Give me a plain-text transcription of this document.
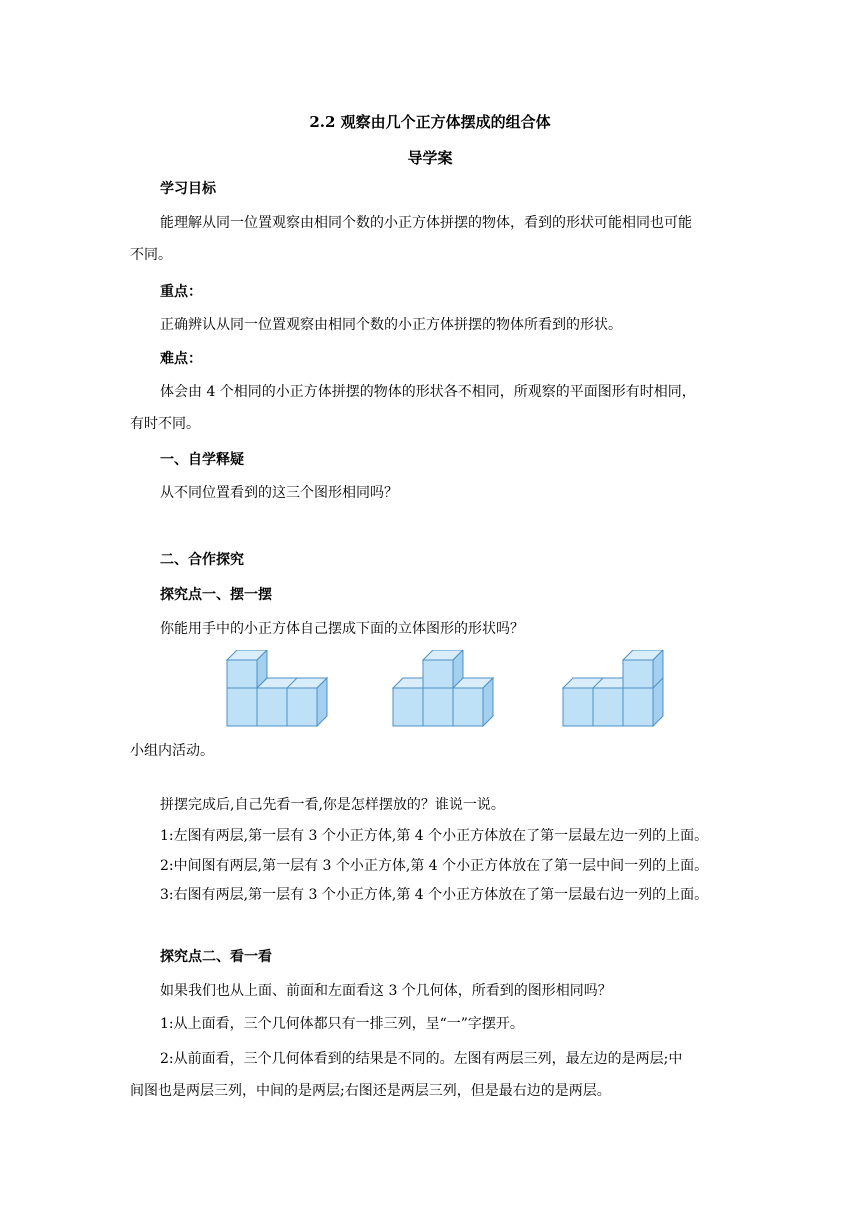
2.2 观察由几个正方体摆成的组合体
导学案
学习目标
能理解从同一位置观察由相同个数的小正方体拼摆的物体，看到的形状可能相同也可能
不同。
重点：
正确辨认从同一位置观察由相同个数的小正方体拼摆的物体所看到的形状。
难点：
体会由 4 个相同的小正方体拼摆的物体的形状各不相同，所观察的平面图形有时相同，
有时不同。
一、自学释疑
从不同位置看到的这三个图形相同吗？
二、合作探究
探究点一、摆一摆
你能用手中的小正方体自己摆成下面的立体图形的形状吗？
小组内活动。
拼摆完成后,自己先看一看,你是怎样摆放的？谁说一说。
1:左图有两层,第一层有 3 个小正方体,第 4 个小正方体放在了第一层最左边一列的上面。
2:中间图有两层,第一层有 3 个小正方体,第 4 个小正方体放在了第一层中间一列的上面。
3:右图有两层,第一层有 3 个小正方体,第 4 个小正方体放在了第一层最右边一列的上面。
探究点二、看一看
如果我们也从上面、前面和左面看这 3 个几何体，所看到的图形相同吗？
1:从上面看，三个几何体都只有一排三列，呈“一”字摆开。
2:从前面看，三个几何体看到的结果是不同的。左图有两层三列，最左边的是两层;中
间图也是两层三列，中间的是两层;右图还是两层三列，但是最右边的是两层。
